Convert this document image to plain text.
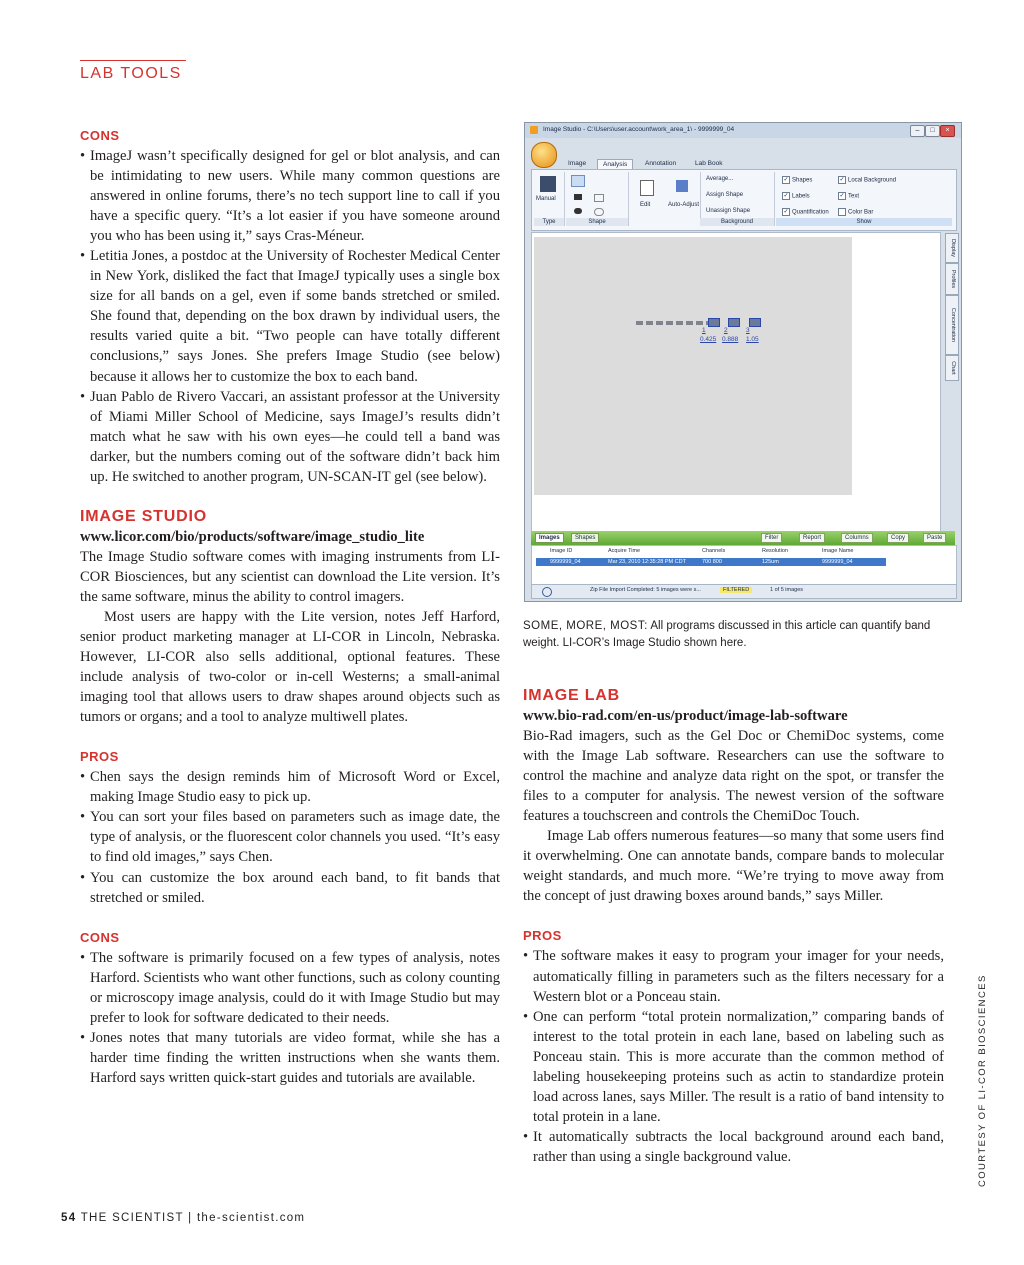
LAB TOOLS
CONS
• ImageJ wasn’t specifically designed for gel or blot analysis, and can be intimidating to new users. While many common questions are answered in online forums, there’s no tech support line to call if you have a specific query. “It’s a lot easier if you have someone around you who has been using it,” says Cras-Méneur.
• Letitia Jones, a postdoc at the University of Rochester Medical Center in New York, disliked the fact that ImageJ typically uses a single box size for all bands on a gel, even if some bands stretched or smiled. She found that, depending on the box drawn by individual users, the results varied quite a bit. “Two people can have totally different conclusions,” says Jones. She prefers Image Studio (see below) because it allows her to customize the box to each band.
• Juan Pablo de Rivero Vaccari, an assistant professor at the University of Miami Miller School of Medicine, says ImageJ’s results didn’t match what he saw with his own eyes—he could tell a band was darker, but the numbers coming out of the software didn’t back him up. He switched to another program, UN-SCAN-IT gel (see below).
IMAGE STUDIO

www.licor.com/bio/products/software/image_studio_lite

The Image Studio software comes with imaging instruments from LI-COR Biosciences, but any scientist can download the Lite version. It’s the same software, minus the ability to control imagers.

Most users are happy with the Lite version, notes Jeff Harford, senior product marketing manager at LI-COR in Lincoln, Nebraska. However, LI-COR also sells additional, optional features. These include analysis of two-color or in-cell Westerns; a small-animal imaging tool that allows users to draw shapes around objects such as tumors or organs; and a tool to analyze multiwell plates.

PROS
• Chen says the design reminds him of Microsoft Word or Excel, making Image Studio easy to pick up.
• You can sort your files based on parameters such as image date, the type of analysis, or the fluorescent color channels you used. “It’s easy to find old images,” says Chen.
• You can customize the box around each band, to fit bands that stretched or smiled.
CONS
• The software is primarily focused on a few types of analysis, notes Harford. Scientists who want other functions, such as colony counting or microscopy image analysis, could do it with Image Studio but may prefer to look for software dedicated to their needs.
• Jones notes that many tutorials are video format, while she has a harder time finding the written instructions when she wants them. Harford says written quick-start guides and tutorials are available.
Image Studio - C:\Users\user.account\work_area_1\ - 9999999_04	–	□	×
Image	Analysis	Annotation	Lab Book
Manual
Type	Shape
Edit	Auto-Adjust
Average...
Assign Shape
Unassign Shape
Background
✓ Shapes
✓ Labels
✓ Quantification
✓ Local Background
✓ Text
Color Bar
Show
1	2	3
0.425 0.888 1.05
Display
Profiles
Concentration
Chart
Images	Shapes	Filter	Report	Columns	Copy	Paste
Image ID	Acquire Time	Channels	Resolution	Image Name
9999999_04	Mar 23, 2010 12:35:28 PM CDT	700 800	125um	9999999_04
Zip File Import Completed: 5 images were s...	FILTERED	1 of 5 images
SOME, MORE, MOST: All programs discussed in this article can quantify band weight. LI-COR’s Image Studio shown here.
IMAGE LAB

www.bio-rad.com/en-us/product/image-lab-software

Bio-Rad imagers, such as the Gel Doc or ChemiDoc systems, come with the Image Lab software. Researchers can use the software to control the machine and analyze data right on the spot, or transfer the files to a computer for analysis. The newest version of the software features a touchscreen and controls the ChemiDoc Touch.

Image Lab offers numerous features—so many that some users find it overwhelming. One can annotate bands, compare bands to molecular weight standards, and much more. “We’re trying to move away from the concept of just drawing boxes around bands,” says Miller.

PROS
• The software makes it easy to program your imager for your needs, automatically filling in parameters such as the filters necessary for a Western blot or a Ponceau stain.
• One can perform “total protein normalization,” comparing bands of interest to the total protein in each lane, based on labeling such as Ponceau stain. This is more accurate than the common method of labeling housekeeping proteins such as actin to standardize protein load across lanes, says Miller. The result is a ratio of band intensity to total protein in a lane.
• It automatically subtracts the local background around each band, rather than using a single background value.	COURTESY OF LI-COR BIOSCIENCES
54 THE SCIENTIST | the-scientist.com
